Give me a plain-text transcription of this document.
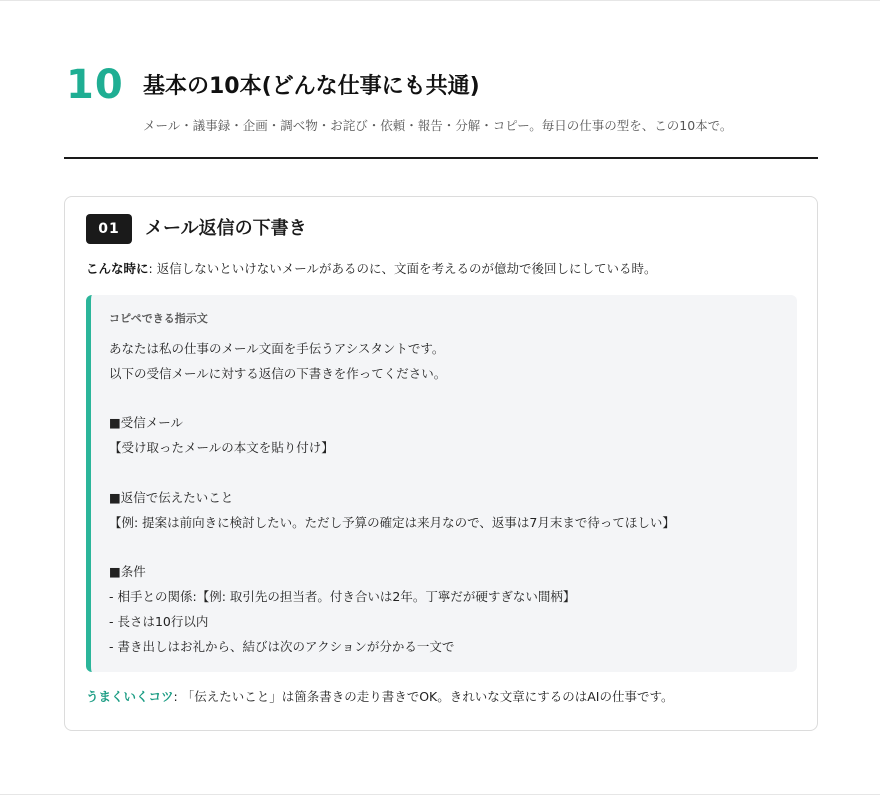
10 基本の10本(どんな仕事にも共通)
メール・議事録・企画・調べ物・お詫び・依頼・報告・分解・コピー。毎日の仕事の型を、この10本で。
01	メール返信の下書き
こんな時に: 返信しないといけないメールがあるのに、文面を考えるのが億劫で後回しにしている時。
コピペできる指示文
あなたは私の仕事のメール文面を手伝うアシスタントです。
以下の受信メールに対する返信の下書きを作ってください。
■受信メール
【受け取ったメールの本文を貼り付け】
■返信で伝えたいこと
【例: 提案は前向きに検討したい。ただし予算の確定は来月なので、返事は7月末まで待ってほしい】
■条件
- 相手との関係:【例: 取引先の担当者。付き合いは2年。丁寧だが硬すぎない間柄】
- 長さは10行以内
- 書き出しはお礼から、結びは次のアクションが分かる一文で
うまくいくコツ: 「伝えたいこと」は箇条書きの走り書きでOK。きれいな文章にするのはAIの仕事です。
